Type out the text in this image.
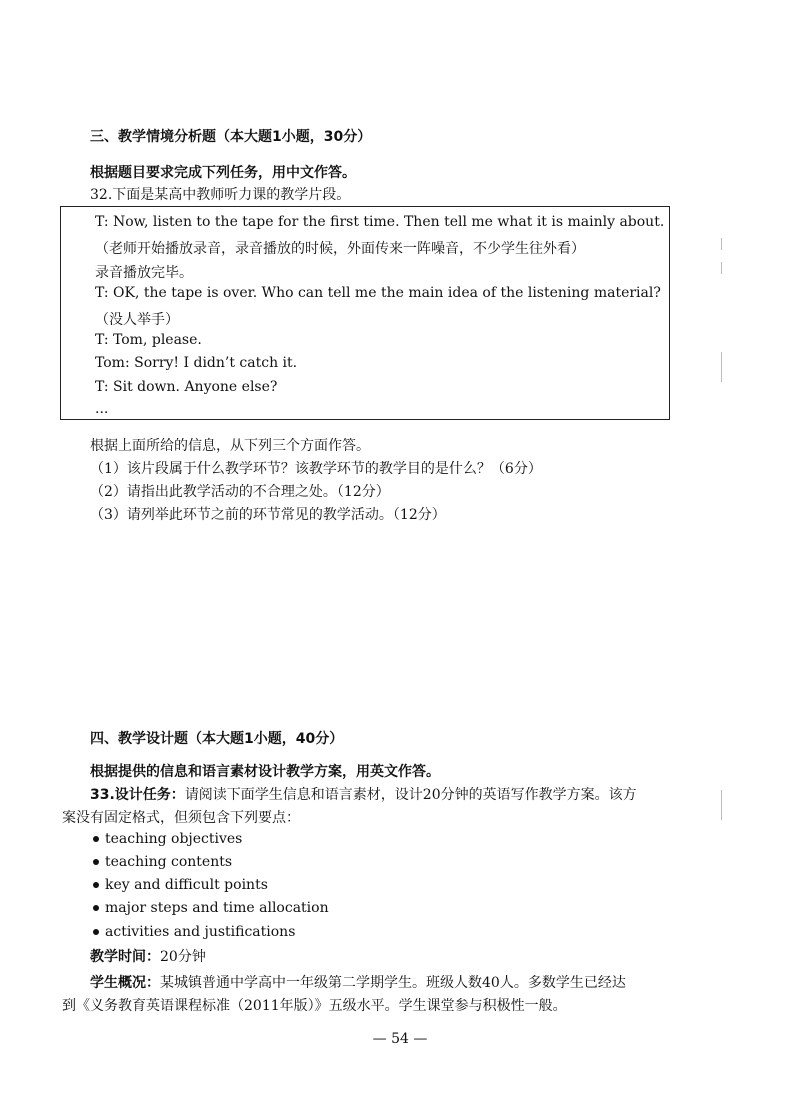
三、教学情境分析题（本大题1小题，30分）
根据题目要求完成下列任务，用中文作答。
32.下面是某高中教师听力课的教学片段。
T: Now, listen to the tape for the first time. Then tell me what it is mainly about.
（老师开始播放录音，录音播放的时候，外面传来一阵噪音，不少学生往外看）
录音播放完毕。
T: OK, the tape is over. Who can tell me the main idea of the listening material?
（没人举手）
T: Tom, please.
Tom: Sorry! I didn’t catch it.
T: Sit down. Anyone else?
...
根据上面所给的信息，从下列三个方面作答。
（1）该片段属于什么教学环节？该教学环节的教学目的是什么？（6分）
（2）请指出此教学活动的不合理之处。（12分）
（3）请列举此环节之前的环节常见的教学活动。（12分）
四、教学设计题（本大题1小题，40分）
根据提供的信息和语言素材设计教学方案，用英文作答。
33.设计任务：请阅读下面学生信息和语言素材，设计20分钟的英语写作教学方案。该方
案没有固定格式，但须包含下列要点：
teaching objectives
teaching contents
key and difficult points
major steps and time allocation
activities and justifications
教学时间：20分钟
学生概况：某城镇普通中学高中一年级第二学期学生。班级人数40人。多数学生已经达
到《义务教育英语课程标准（2011年版）》五级水平。学生课堂参与积极性一般。
— 54 —
